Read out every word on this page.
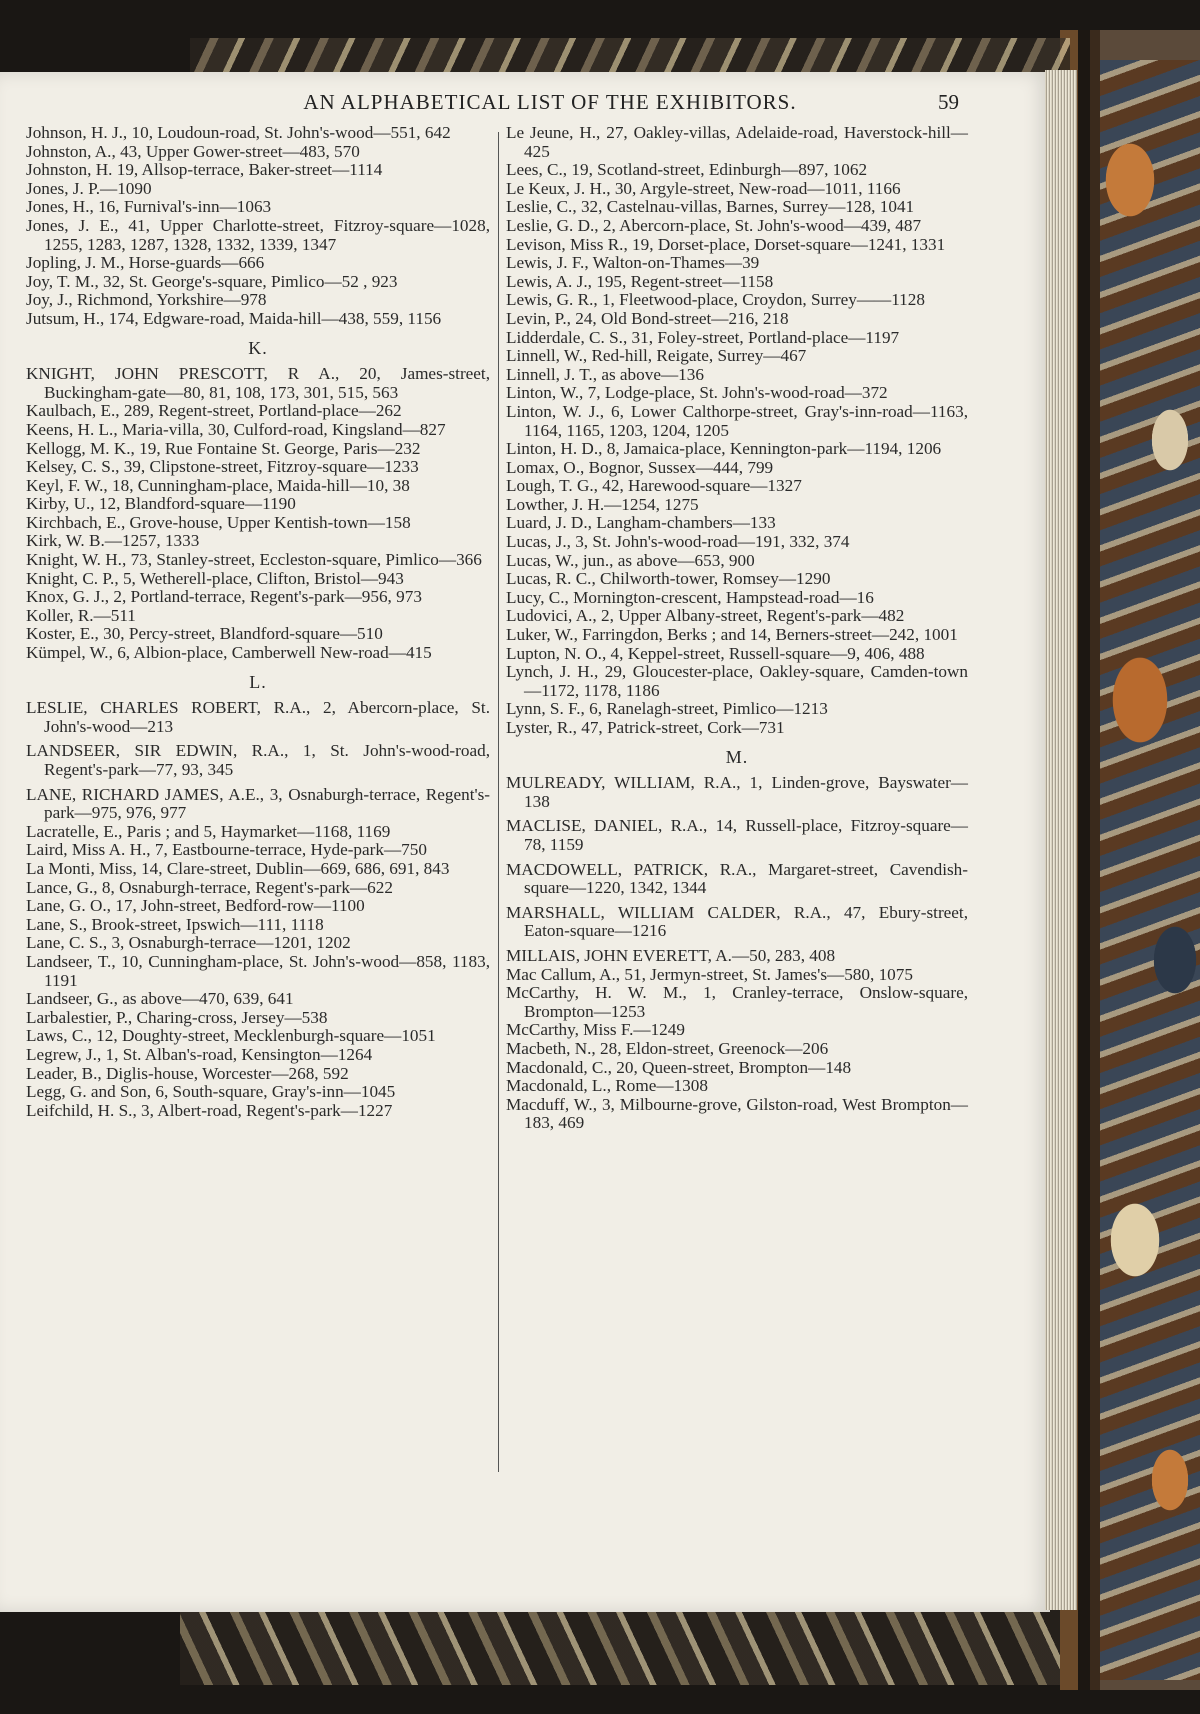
AN ALPHABETICAL LIST OF THE EXHIBITORS.	59

Johnson, H. J., 10, Loudoun-road, St. John's-wood—551, 642

Johnston, A., 43, Upper Gower-street—483, 570

Johnston, H. 19, Allsop-terrace, Baker-street—1114

Jones, J. P.—1090

Jones, H., 16, Furnival's-inn—1063

Jones, J. E., 41, Upper Charlotte-street, Fitzroy-square—1028, 1255, 1283, 1287, 1328, 1332, 1339, 1347

Jopling, J. M., Horse-guards—666

Joy, T. M., 32, St. George's-square, Pimlico—52 , 923

Joy, J., Richmond, Yorkshire—978

Jutsum, H., 174, Edgware-road, Maida-hill—438, 559, 1156

K.

KNIGHT, JOHN PRESCOTT, R A., 20, James-street, Buckingham-gate—80, 81, 108, 173, 301, 515, 563

Kaulbach, E., 289, Regent-street, Portland-place—262

Keens, H. L., Maria-villa, 30, Culford-road, Kingsland—827

Kellogg, M. K., 19, Rue Fontaine St. George, Paris—232

Kelsey, C. S., 39, Clipstone-street, Fitzroy-square—1233

Keyl, F. W., 18, Cunningham-place, Maida-hill—10, 38

Kirby, U., 12, Blandford-square—1190

Kirchbach, E., Grove-house, Upper Kentish-town—158

Kirk, W. B.—1257, 1333

Knight, W. H., 73, Stanley-street, Eccleston-square, Pimlico—366

Knight, C. P., 5, Wetherell-place, Clifton, Bristol—943

Knox, G. J., 2, Portland-terrace, Regent's-park—956, 973

Koller, R.—511

Koster, E., 30, Percy-street, Blandford-square—510

Kümpel, W., 6, Albion-place, Camberwell New-road—415

L.

LESLIE, CHARLES ROBERT, R.A., 2, Abercorn-place, St. John's-wood—213

LANDSEER, SIR EDWIN, R.A., 1, St. John's-wood-road, Regent's-park—77, 93, 345

LANE, RICHARD JAMES, A.E., 3, Osnaburgh-terrace, Regent's-park—975, 976, 977

Lacratelle, E., Paris ; and 5, Haymarket—1168, 1169

Laird, Miss A. H., 7, Eastbourne-terrace, Hyde-park—750

La Monti, Miss, 14, Clare-street, Dublin—669, 686, 691, 843

Lance, G., 8, Osnaburgh-terrace, Regent's-park—622

Lane, G. O., 17, John-street, Bedford-row—1100

Lane, S., Brook-street, Ipswich—111, 1118

Lane, C. S., 3, Osnaburgh-terrace—1201, 1202

Landseer, T., 10, Cunningham-place, St. John's-wood—858, 1183, 1191

Landseer, G., as above—470, 639, 641

Larbalestier, P., Charing-cross, Jersey—538

Laws, C., 12, Doughty-street, Mecklenburgh-square—1051

Legrew, J., 1, St. Alban's-road, Kensington—1264

Leader, B., Diglis-house, Worcester—268, 592

Legg, G. and Son, 6, South-square, Gray's-inn—1045

Leifchild, H. S., 3, Albert-road, Regent's-park—1227

Le Jeune, H., 27, Oakley-villas, Adelaide-road, Haverstock-hill—425

Lees, C., 19, Scotland-street, Edinburgh—897, 1062

Le Keux, J. H., 30, Argyle-street, New-road—1011, 1166

Leslie, C., 32, Castelnau-villas, Barnes, Surrey—128, 1041

Leslie, G. D., 2, Abercorn-place, St. John's-wood—439, 487

Levison, Miss R., 19, Dorset-place, Dorset-square—1241, 1331

Lewis, J. F., Walton-on-Thames—39

Lewis, A. J., 195, Regent-street—1158

Lewis, G. R., 1, Fleetwood-place, Croydon, Surrey——1128

Levin, P., 24, Old Bond-street—216, 218

Lidderdale, C. S., 31, Foley-street, Portland-place—1197

Linnell, W., Red-hill, Reigate, Surrey—467

Linnell, J. T., as above—136

Linton, W., 7, Lodge-place, St. John's-wood-road—372

Linton, W. J., 6, Lower Calthorpe-street, Gray's-inn-road—1163, 1164, 1165, 1203, 1204, 1205

Linton, H. D., 8, Jamaica-place, Kennington-park—1194, 1206

Lomax, O., Bognor, Sussex—444, 799

Lough, T. G., 42, Harewood-square—1327

Lowther, J. H.—1254, 1275

Luard, J. D., Langham-chambers—133

Lucas, J., 3, St. John's-wood-road—191, 332, 374

Lucas, W., jun., as above—653, 900

Lucas, R. C., Chilworth-tower, Romsey—1290

Lucy, C., Mornington-crescent, Hampstead-road—16

Ludovici, A., 2, Upper Albany-street, Regent's-park—482

Luker, W., Farringdon, Berks ; and 14, Berners-street—242, 1001

Lupton, N. O., 4, Keppel-street, Russell-square—9, 406, 488

Lynch, J. H., 29, Gloucester-place, Oakley-square, Camden-town—1172, 1178, 1186

Lynn, S. F., 6, Ranelagh-street, Pimlico—1213

Lyster, R., 47, Patrick-street, Cork—731

M.

MULREADY, WILLIAM, R.A., 1, Linden-grove, Bayswater—138

MACLISE, DANIEL, R.A., 14, Russell-place, Fitzroy-square—78, 1159

MACDOWELL, PATRICK, R.A., Margaret-street, Cavendish-square—1220, 1342, 1344

MARSHALL, WILLIAM CALDER, R.A., 47, Ebury-street, Eaton-square—1216

MILLAIS, JOHN EVERETT, A.—50, 283, 408

Mac Callum, A., 51, Jermyn-street, St. James's—580, 1075

McCarthy, H. W. M., 1, Cranley-terrace, Onslow-square, Brompton—1253

McCarthy, Miss F.—1249

Macbeth, N., 28, Eldon-street, Greenock—206

Macdonald, C., 20, Queen-street, Brompton—148

Macdonald, L., Rome—1308

Macduff, W., 3, Milbourne-grove, Gilston-road, West Brompton—183, 469
